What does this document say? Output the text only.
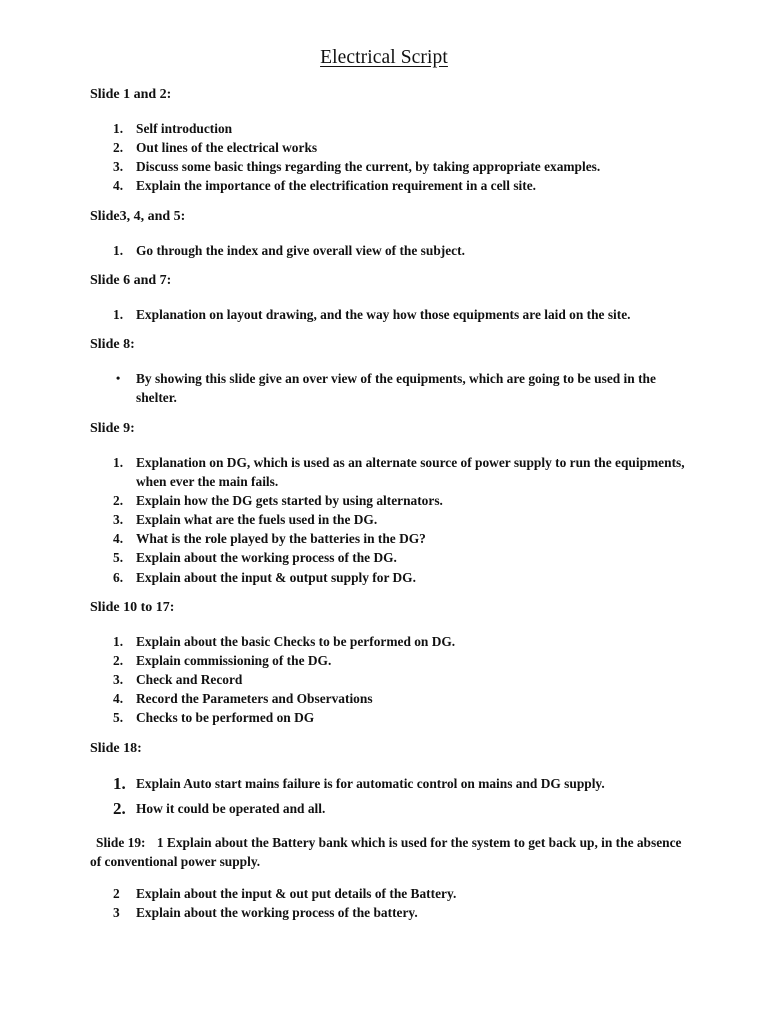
Electrical Script
Slide 1 and 2:
1. Self introduction
2. Out lines of the electrical works
3. Discuss some basic things regarding the current, by taking appropriate examples.
4. Explain the importance of the electrification requirement in a cell site.
Slide3, 4, and 5:
1. Go through the index and give overall view of the subject.
Slide 6 and 7:
1. Explanation on layout drawing, and the way how those equipments are laid on the site.
Slide 8:
•	By showing this slide give an over view of the equipments, which are going to be used in the shelter.
Slide 9:
1. Explanation on DG, which is used as an alternate source of power supply to run the equipments, when ever the main fails.
2. Explain how the DG gets started by using alternators.
3. Explain what are the fuels used in the DG.
4. What is the role played by the batteries in the DG?
5. Explain about the working process of the DG.
6. Explain about the input & output supply for DG.
Slide 10 to 17:
1. Explain about the basic Checks to be performed on DG.
2. Explain commissioning of the DG.
3. Check and Record
4. Record the Parameters and Observations
5. Checks to be performed on DG
Slide 18:
1. Explain Auto start mains failure is for automatic control on mains and DG supply.
2. How it could be operated and all.
Slide 19: 1 Explain about the Battery bank which is used for the system to get back up, in the absence of conventional power supply.
2	Explain about the input & out put details of the Battery.
3	Explain about the working process of the battery.
